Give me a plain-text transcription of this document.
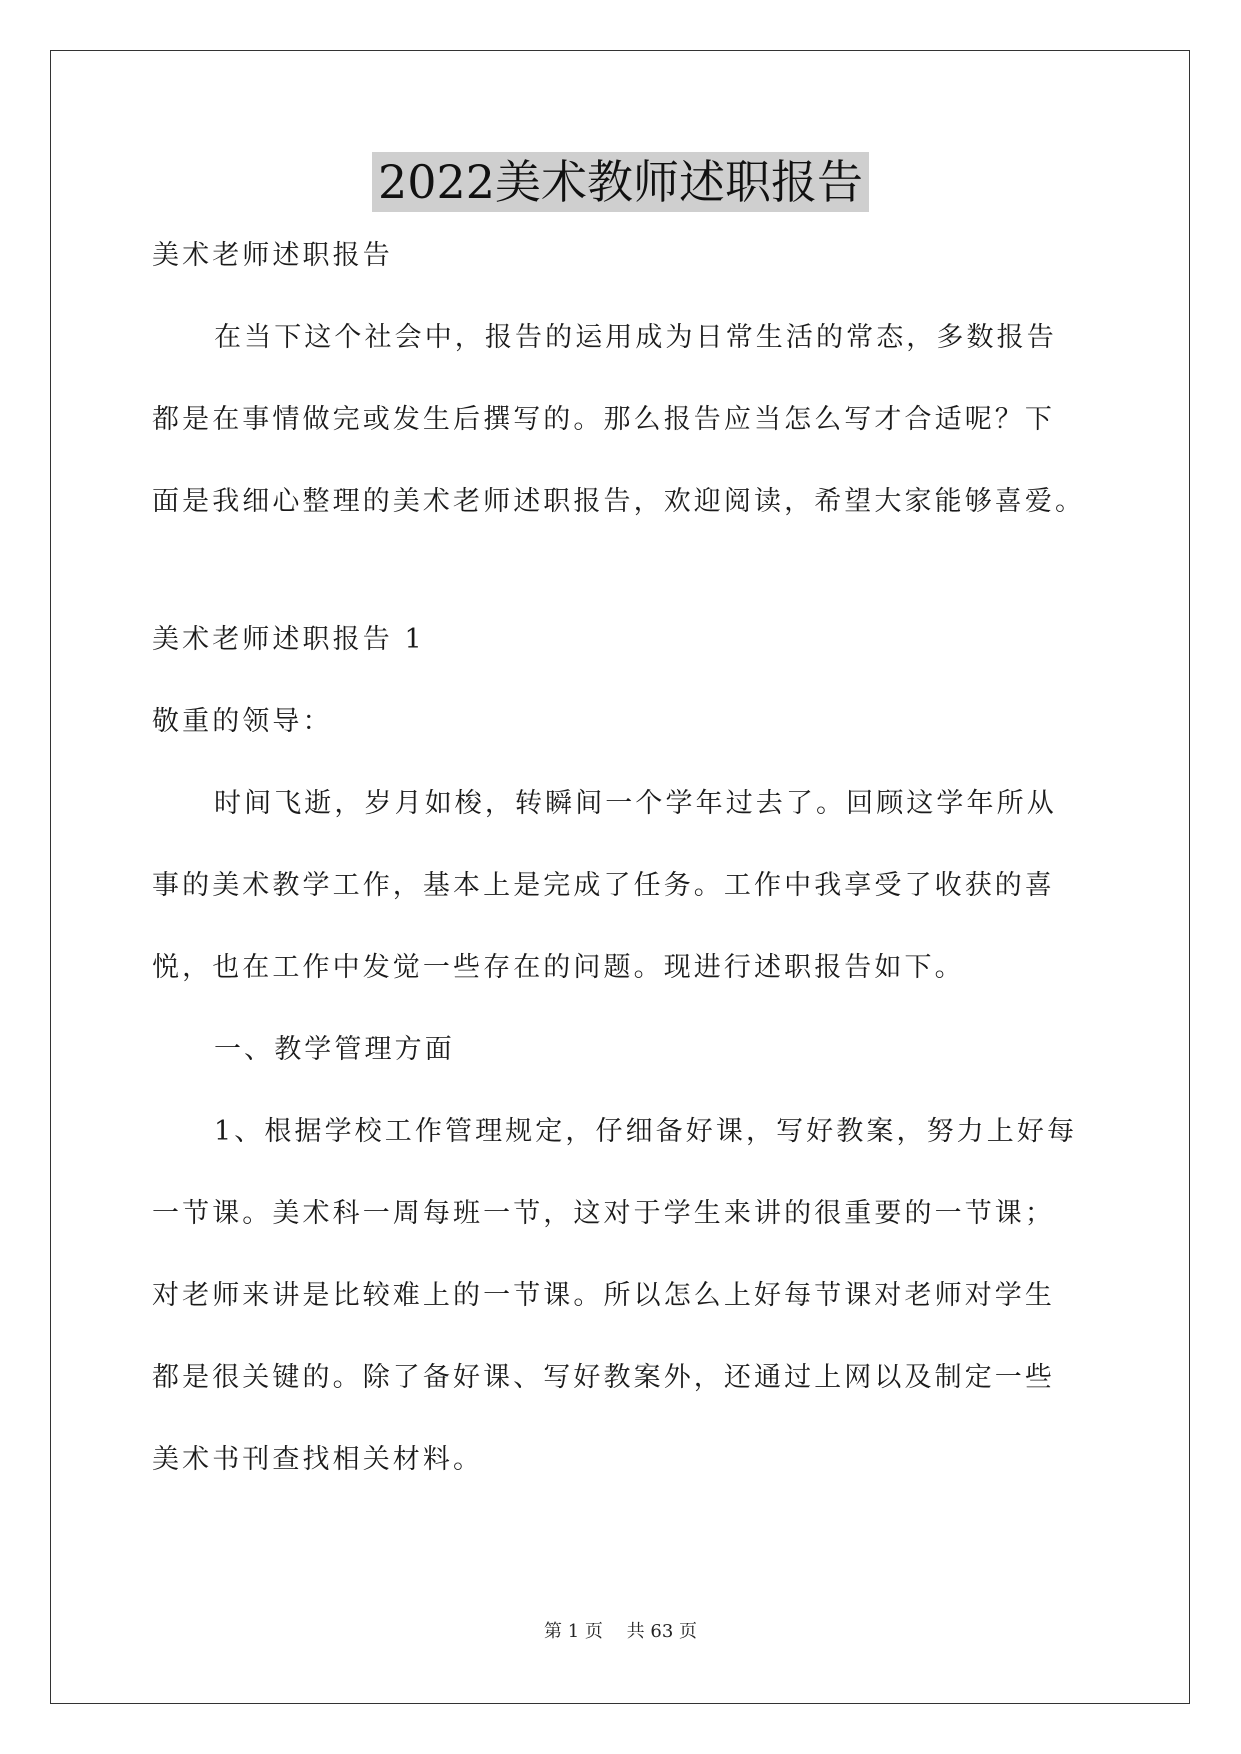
2022美术教师述职报告

美术老师述职报告

在当下这个社会中，报告的运用成为日常生活的常态，多数报告

都是在事情做完或发生后撰写的。那么报告应当怎么写才合适呢？下

面是我细心整理的美术老师述职报告，欢迎阅读，希望大家能够喜爱。

美术老师述职报告 1

敬重的领导：

时间飞逝，岁月如梭，转瞬间一个学年过去了。回顾这学年所从

事的美术教学工作，基本上是完成了任务。工作中我享受了收获的喜

悦，也在工作中发觉一些存在的问题。现进行述职报告如下。

一、教学管理方面

1、根据学校工作管理规定，仔细备好课，写好教案，努力上好每

一节课。美术科一周每班一节，这对于学生来讲的很重要的一节课；

对老师来讲是比较难上的一节课。所以怎么上好每节课对老师对学生

都是很关键的。除了备好课、写好教案外，还通过上网以及制定一些

美术书刊查找相关材料。

第 1 页 共 63 页
